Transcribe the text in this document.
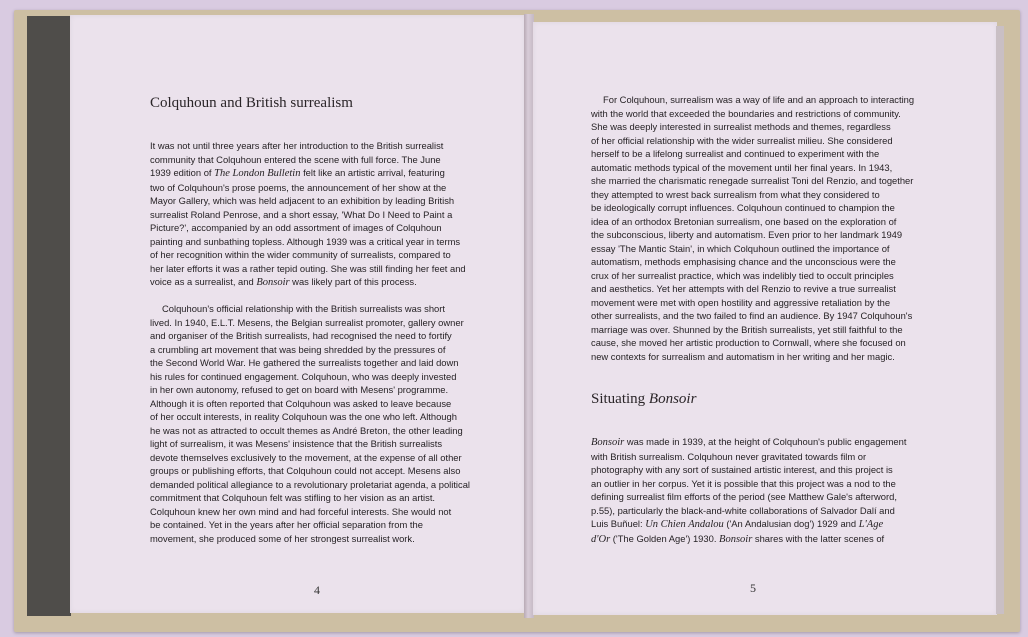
Colquhoun and British surrealism

It was not until three years after her introduction to the British surrealist
community that Colquhoun entered the scene with full force. The June
1939 edition of The London Bulletin felt like an artistic arrival, featuring
two of Colquhoun's prose poems, the announcement of her show at the
Mayor Gallery, which was held adjacent to an exhibition by leading British
surrealist Roland Penrose, and a short essay, 'What Do I Need to Paint a
Picture?', accompanied by an odd assortment of images of Colquhoun
painting and sunbathing topless. Although 1939 was a critical year in terms
of her recognition within the wider community of surrealists, compared to
her later efforts it was a rather tepid outing. She was still finding her feet and
voice as a surrealist, and Bonsoir was likely part of this process.

Colquhoun's official relationship with the British surrealists was short
lived. In 1940, E.L.T. Mesens, the Belgian surrealist promoter, gallery owner
and organiser of the British surrealists, had recognised the need to fortify
a crumbling art movement that was being shredded by the pressures of
the Second World War. He gathered the surrealists together and laid down
his rules for continued engagement. Colquhoun, who was deeply invested
in her own autonomy, refused to get on board with Mesens' programme.
Although it is often reported that Colquhoun was asked to leave because
of her occult interests, in reality Colquhoun was the one who left. Although
he was not as attracted to occult themes as André Breton, the other leading
light of surrealism, it was Mesens' insistence that the British surrealists
devote themselves exclusively to the movement, at the expense of all other
groups or publishing efforts, that Colquhoun could not accept. Mesens also
demanded political allegiance to a revolutionary proletariat agenda, a political
commitment that Colquhoun felt was stifling to her vision as an artist.
Colquhoun knew her own mind and had forceful interests. She would not
be contained. Yet in the years after her official separation from the
movement, she produced some of her strongest surrealist work.

4

For Colquhoun, surrealism was a way of life and an approach to interacting
with the world that exceeded the boundaries and restrictions of community.
She was deeply interested in surrealist methods and themes, regardless
of her official relationship with the wider surrealist milieu. She considered
herself to be a lifelong surrealist and continued to experiment with the
automatic methods typical of the movement until her final years. In 1943,
she married the charismatic renegade surrealist Toni del Renzio, and together
they attempted to wrest back surrealism from what they considered to
be ideologically corrupt influences. Colquhoun continued to champion the
idea of an orthodox Bretonian surrealism, one based on the exploration of
the subconscious, liberty and automatism. Even prior to her landmark 1949
essay 'The Mantic Stain', in which Colquhoun outlined the importance of
automatism, methods emphasising chance and the unconscious were the
crux of her surrealist practice, which was indelibly tied to occult principles
and aesthetics. Yet her attempts with del Renzio to revive a true surrealist
movement were met with open hostility and aggressive retaliation by the
other surrealists, and the two failed to find an audience. By 1947 Colquhoun's
marriage was over. Shunned by the British surrealists, yet still faithful to the
cause, she moved her artistic production to Cornwall, where she focused on
new contexts for surrealism and automatism in her writing and her magic.

Situating Bonsoir

Bonsoir was made in 1939, at the height of Colquhoun's public engagement
with British surrealism. Colquhoun never gravitated towards film or
photography with any sort of sustained artistic interest, and this project is
an outlier in her corpus. Yet it is possible that this project was a nod to the
defining surrealist film efforts of the period (see Matthew Gale's afterword,
p.55), particularly the black-and-white collaborations of Salvador Dalí and
Luis Buñuel: Un Chien Andalou ('An Andalusian dog') 1929 and L'Age
d'Or ('The Golden Age') 1930. Bonsoir shares with the latter scenes of

5
